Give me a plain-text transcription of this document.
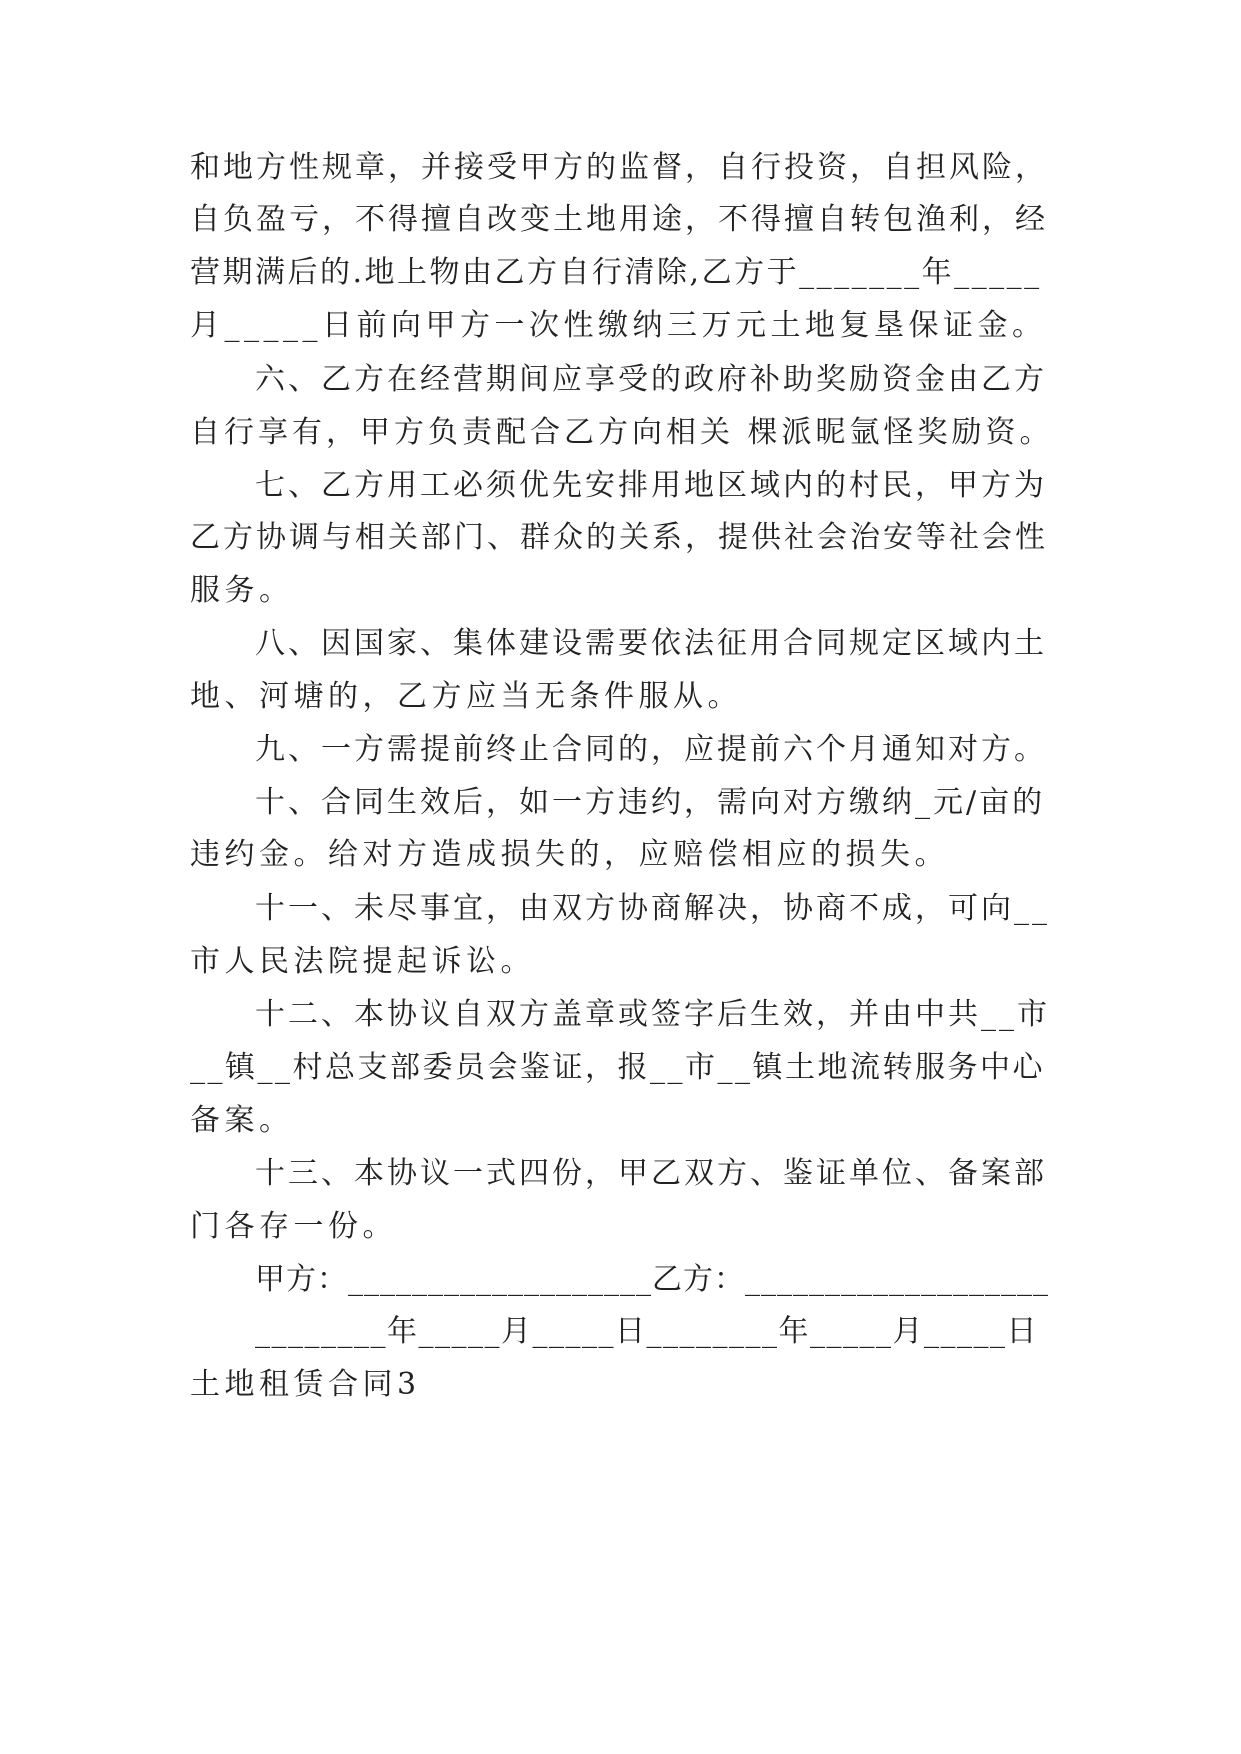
和地方性规章，并接受甲方的监督，自行投资，自担风险，
自负盈亏，不得擅自改变土地用途，不得擅自转包渔利，经
营期满后的.地上物由乙方自行清除,乙方于_______年_____
月_____日前向甲方一次性缴纳三万元土地复垦保证金。
六、乙方在经营期间应享受的政府补助奖励资金由乙方
自行享有，甲方负责配合乙方向相关 棵派昵氩怪奖励资。
七、乙方用工必须优先安排用地区域内的村民，甲方为
乙方协调与相关部门、群众的关系，提供社会治安等社会性
服务。
八、因国家、集体建设需要依法征用合同规定区域内土
地、河塘的，乙方应当无条件服从。
九、一方需提前终止合同的，应提前六个月通知对方。
十、合同生效后，如一方违约，需向对方缴纳_元/亩的
违约金。给对方造成损失的，应赔偿相应的损失。
十一、未尽事宜，由双方协商解决，协商不成，可向__
市人民法院提起诉讼。
十二、本协议自双方盖章或签字后生效，并由中共__市
__镇__村总支部委员会鉴证，报__市__镇土地流转服务中心
备案。
十三、本协议一式四份，甲乙双方、鉴证单位、备案部
门各存一份。
甲方：___________________乙方：___________________
________年_____月_____日________年_____月_____日
土地租赁合同3
